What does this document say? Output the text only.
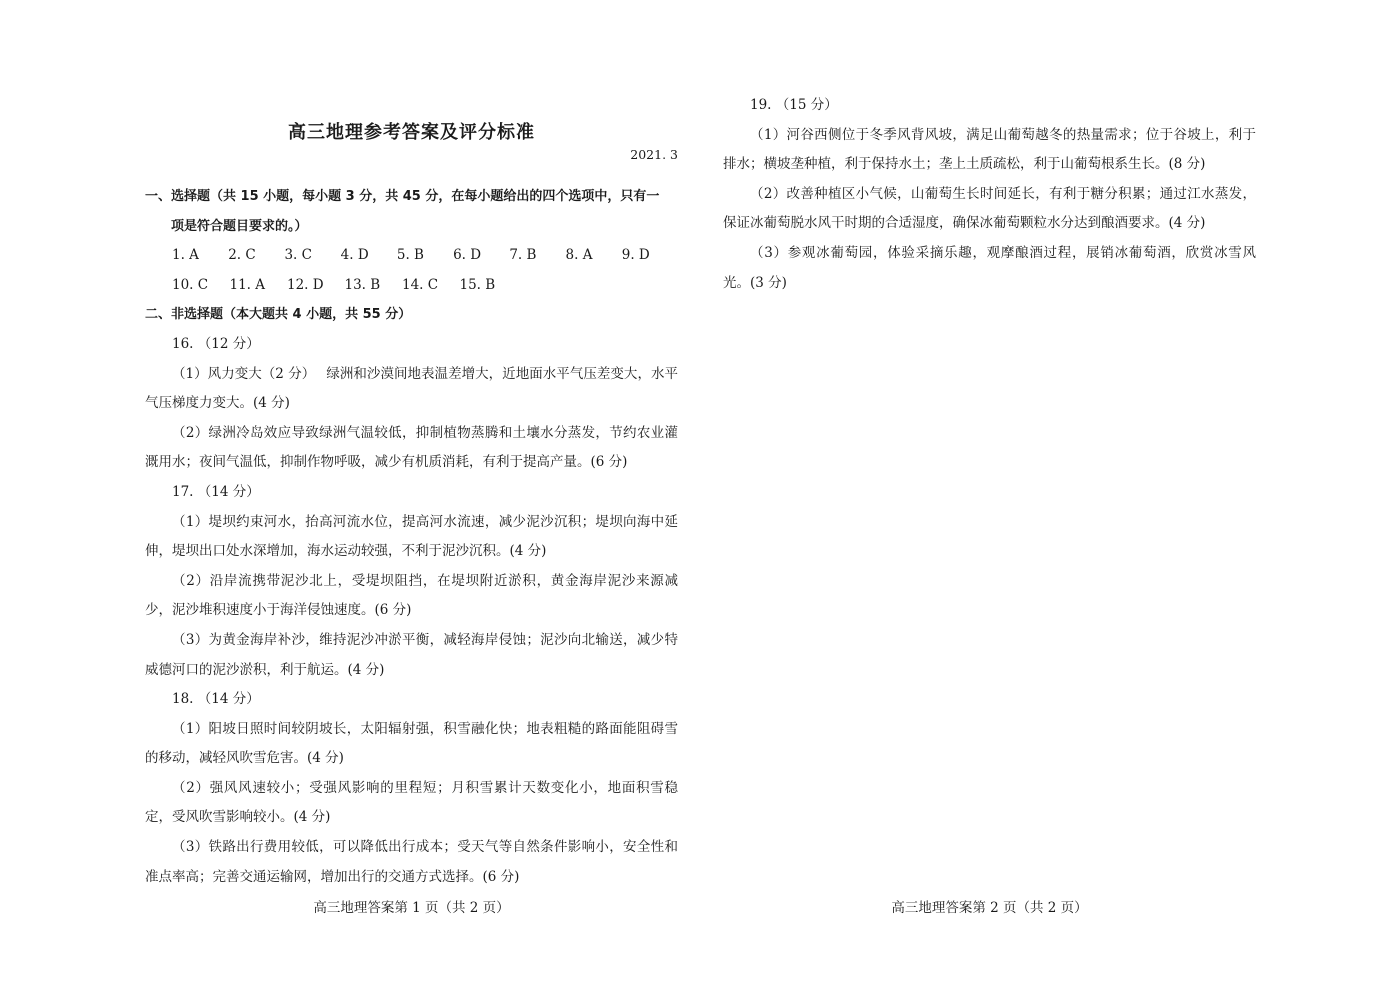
高三地理参考答案及评分标准
2021. 3

一、选择题（共 15 小题，每小题 3 分，共 45 分，在每小题给出的四个选项中，只有一
项是符合题目要求的。）

1. A	2. C	3. C	4. D	5. B	6. D	7. B	8. A	9. D

10. C	11. A	12. D	13. B	14. C	15. B

二、非选择题（本大题共 4 小题，共 55 分）

16. （12 分）

（1）风力变大（2 分）　 绿洲和沙漠间地表温差增大，近地面水平气压差变大，水平气压梯度力变大。(4 分)

（2）绿洲冷岛效应导致绿洲气温较低，抑制植物蒸腾和土壤水分蒸发，节约农业灌溉用水；夜间气温低，抑制作物呼吸，减少有机质消耗，有利于提高产量。(6 分)

17. （14 分）

（1）堤坝约束河水，抬高河流水位，提高河水流速，减少泥沙沉积；堤坝向海中延伸，堤坝出口处水深增加，海水运动较强，不利于泥沙沉积。(4 分)

（2）沿岸流携带泥沙北上，受堤坝阻挡，在堤坝附近淤积，黄金海岸泥沙来源减少，泥沙堆积速度小于海洋侵蚀速度。(6 分)

（3）为黄金海岸补沙，维持泥沙冲淤平衡，减轻海岸侵蚀；泥沙向北输送，减少特威德河口的泥沙淤积，利于航运。(4 分)

18. （14 分）

（1）阳坡日照时间较阴坡长，太阳辐射强，积雪融化快；地表粗糙的路面能阻碍雪的移动，减轻风吹雪危害。(4 分)

（2）强风风速较小；受强风影响的里程短；月积雪累计天数变化小，地面积雪稳定，受风吹雪影响较小。(4 分)

（3）铁路出行费用较低，可以降低出行成本；受天气等自然条件影响小，安全性和准点率高；完善交通运输网，增加出行的交通方式选择。(6 分)

高三地理答案第 1 页（共 2 页）

19. （15 分）

（1）河谷西侧位于冬季风背风坡，满足山葡萄越冬的热量需求；位于谷坡上，利于排水；横坡垄种植，利于保持水土；垄上土质疏松，利于山葡萄根系生长。(8 分)

（2）改善种植区小气候，山葡萄生长时间延长，有利于糖分积累；通过江水蒸发，保证冰葡萄脱水风干时期的合适湿度，确保冰葡萄颗粒水分达到酿酒要求。(4 分)

（3）参观冰葡萄园，体验采摘乐趣，观摩酿酒过程，展销冰葡萄酒，欣赏冰雪风光。(3 分)

高三地理答案第 2 页（共 2 页）
